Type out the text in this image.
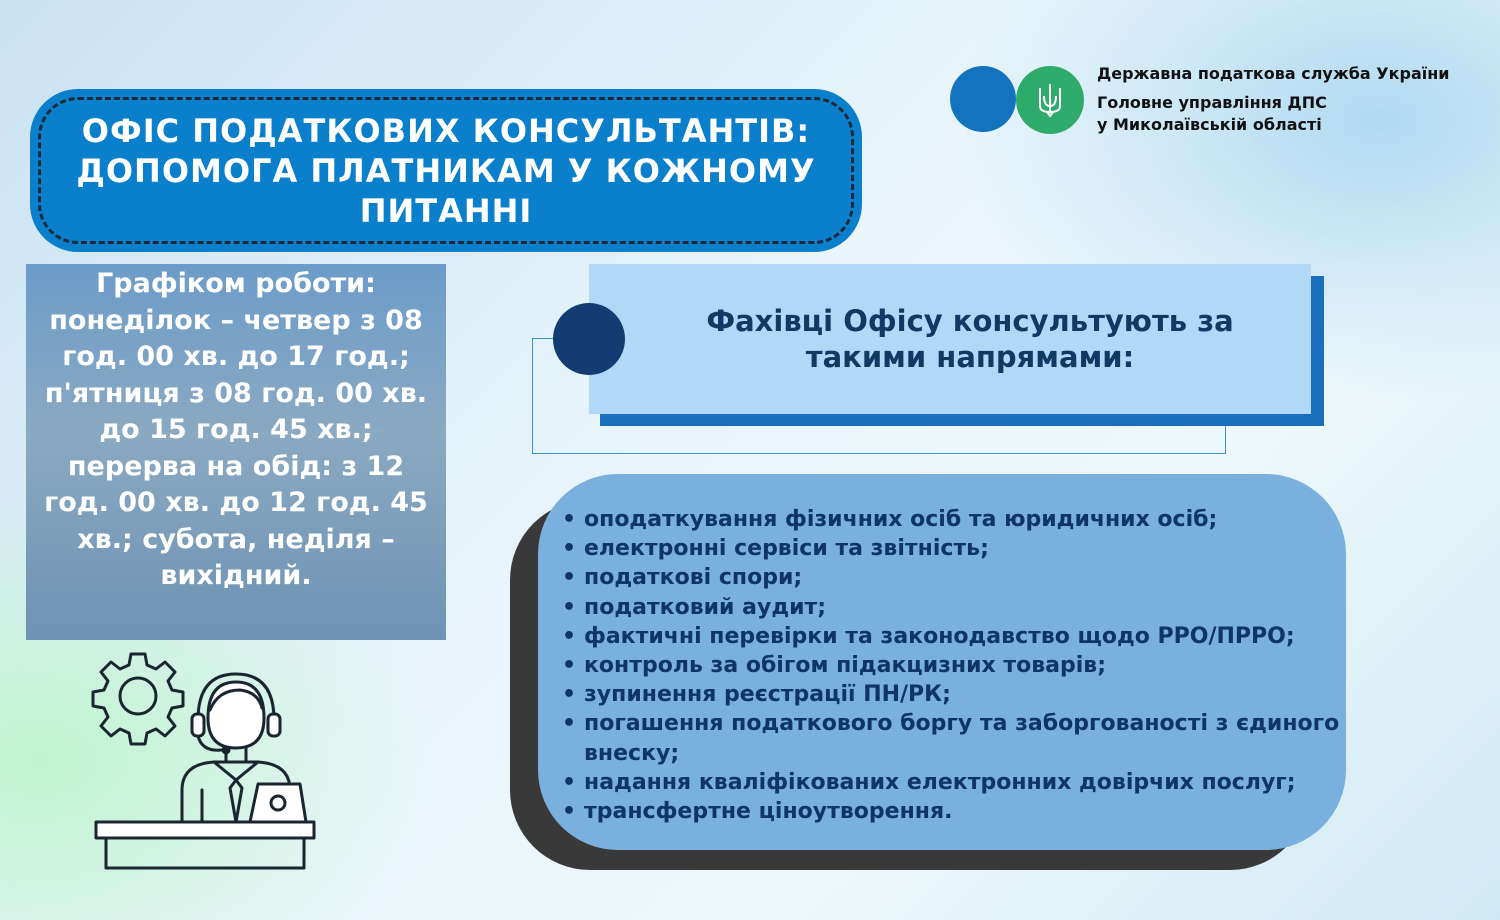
Державна податкова служба України
Головне управління ДПС
у Миколаївській області
ОФІС ПОДАТКОВИХ КОНСУЛЬТАНТІВ: ДОПОМОГА ПЛАТНИКАМ У КОЖНОМУ ПИТАННІ
Графіком роботи: понеділок – четвер з 08 год. 00 хв. до 17 год.; п'ятниця з 08 год. 00 хв. до 15 год. 45 хв.; перерва на обід: з 12 год. 00 хв. до 12 год. 45 хв.; субота, неділя – вихідний.
Фахівці Офісу консультують за такими напрямами:
• оподаткування фізичних осіб та юридичних осіб;
• електронні сервіси та звітність;
• податкові спори;
• податковий аудит;
• фактичні перевірки та законодавство щодо РРО/ПРРО;
• контроль за обігом підакцизних товарів;
• зупинення реєстрації ПН/РК;
• погашення податкового боргу та заборгованості з єдиного внеску;
• надання кваліфікованих електронних довірчих послуг;
• трансфертне ціноутворення.
